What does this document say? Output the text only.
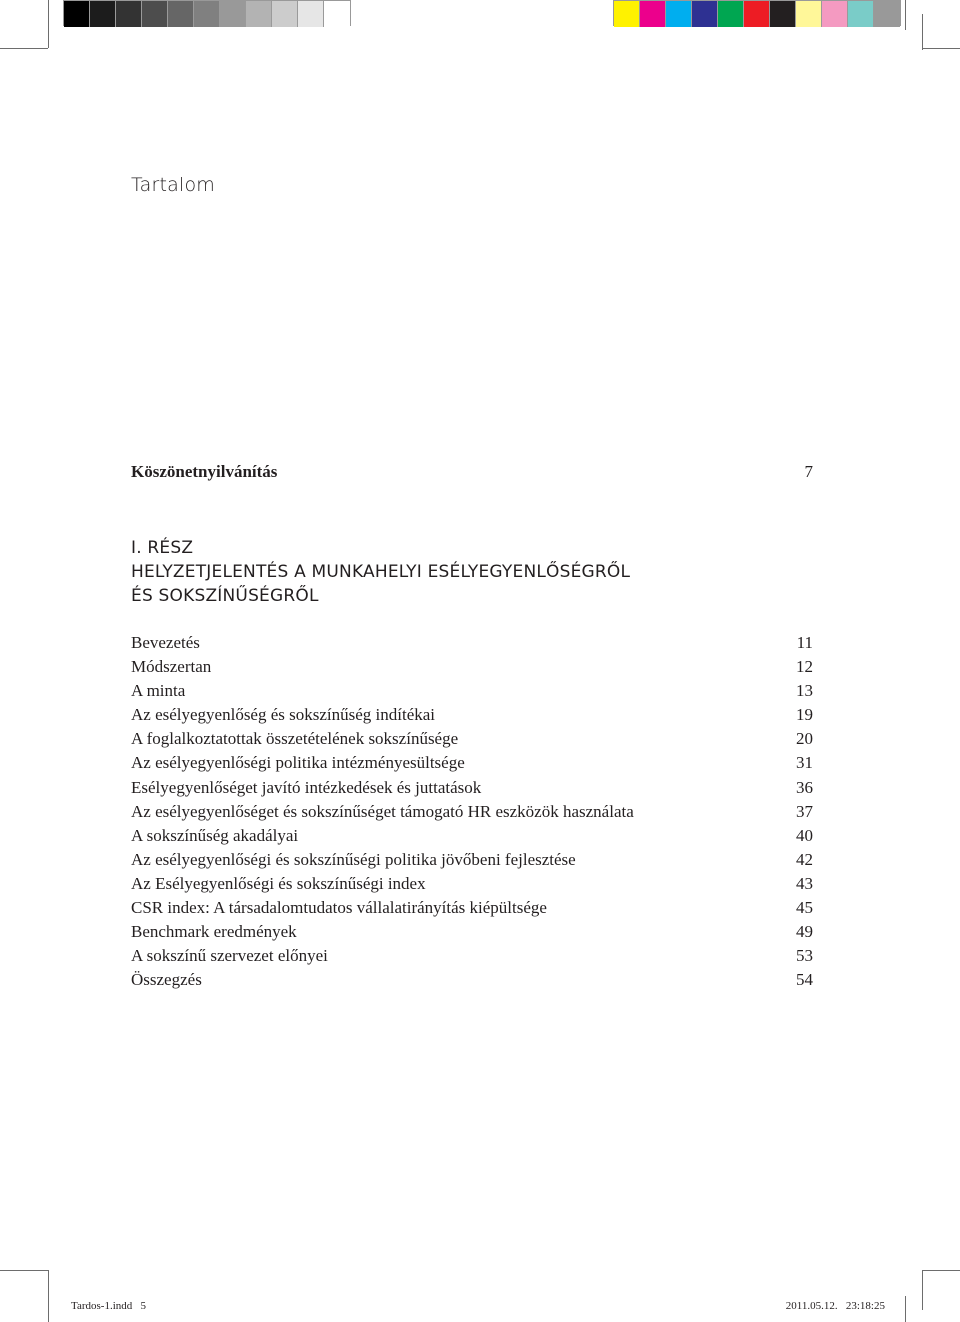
Tartalom
Köszönetnyilvánítás	7
I. RÉSZ
HELYZETJELENTÉS A MUNKAHELYI ESÉLYEGYENLŐSÉGRŐL
ÉS SOKSZÍNŰSÉGRŐL
Bevezetés	11
Módszertan	12
A minta	13
Az esélyegyenlőség és sokszínűség indítékai	19
A foglalkoztatottak összetételének sokszínűsége	20
Az esélyegyenlőségi politika intézményesültsége	31
Esélyegyenlőséget javító intézkedések és juttatások	36
Az esélyegyenlőséget és sokszínűséget támogató HR eszközök használata	37
A sokszínűség akadályai	40
Az esélyegyenlőségi és sokszínűségi politika jövőbeni fejlesztése	42
Az Esélyegyenlőségi és sokszínűségi index	43
CSR index: A társadalomtudatos vállalatirányítás kiépültsége	45
Benchmark eredmények	49
A sokszínű szervezet előnyei	53
Összegzés	54
Tardos-1.indd   5	2011.05.12.   23:18:25
